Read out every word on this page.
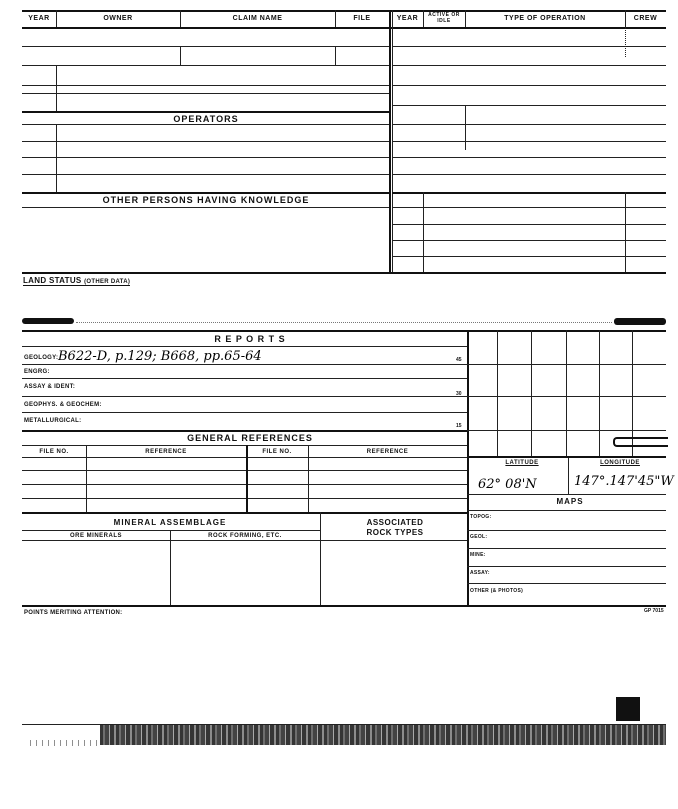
YEAR	OWNER	CLAIM NAME	FILE	YEAR	ACTIVE OR IDLE	TYPE OF OPERATION	CREW
OPERATORS
OTHER PERSONS HAVING KNOWLEDGE
LAND STATUS (OTHER DATA)
R E P O R T S
GEOLOGY: B622-D, p.129; B668, pp.65-64	45
ENGRG:
ASSAY & IDENT:
30
GEOPHYS. & GEOCHEM:
METALLURGICAL:
15
GENERAL REFERENCES
FILE NO.	REFERENCE	FILE NO.	REFERENCE
LATITUDE	LONGITUDE
62° 08'N	147°.147'45"W
MAPS
TOPOG:
GEOL:
MINE:
ASSAY:
OTHER (& PHOTOS)
MINERAL ASSEMBLAGE	ASSOCIATED
ROCK TYPES
ORE MINERALS	ROCK FORMING, ETC.
POINTS MERITING ATTENTION:	GP 7015
